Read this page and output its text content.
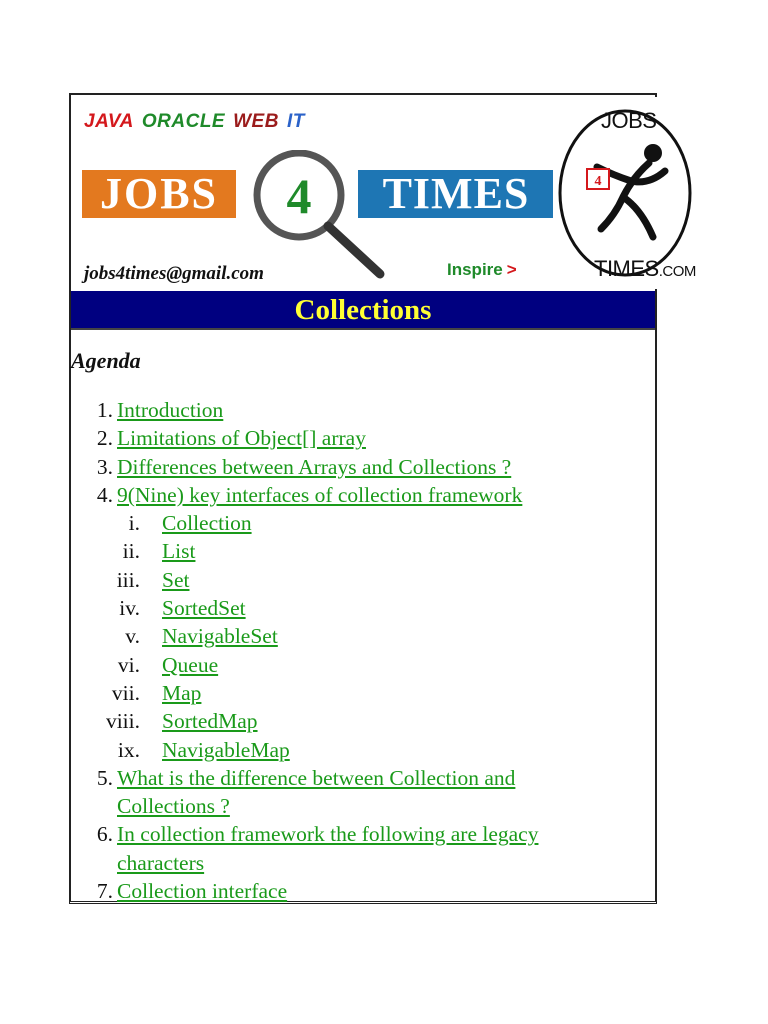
JAVA ORACLE WEB IT
JOBS	4	TIMES
jobs4times@gmail.com	Inspire >
4
JOBS
TIMES.COM
Collections
Agenda
1. Introduction
2. Limitations of Object[] array
3. Differences between Arrays and Collections ?
4. 9(Nine) key interfaces of collection framework
i. Collection
ii. List
iii. Set
iv. SortedSet
v. NavigableSet
vi. Queue
vii. Map
viii. SortedMap
ix. NavigableMap
5. What is the difference between Collection and Collections ?
6. In collection framework the following are legacy characters
7. Collection interface
